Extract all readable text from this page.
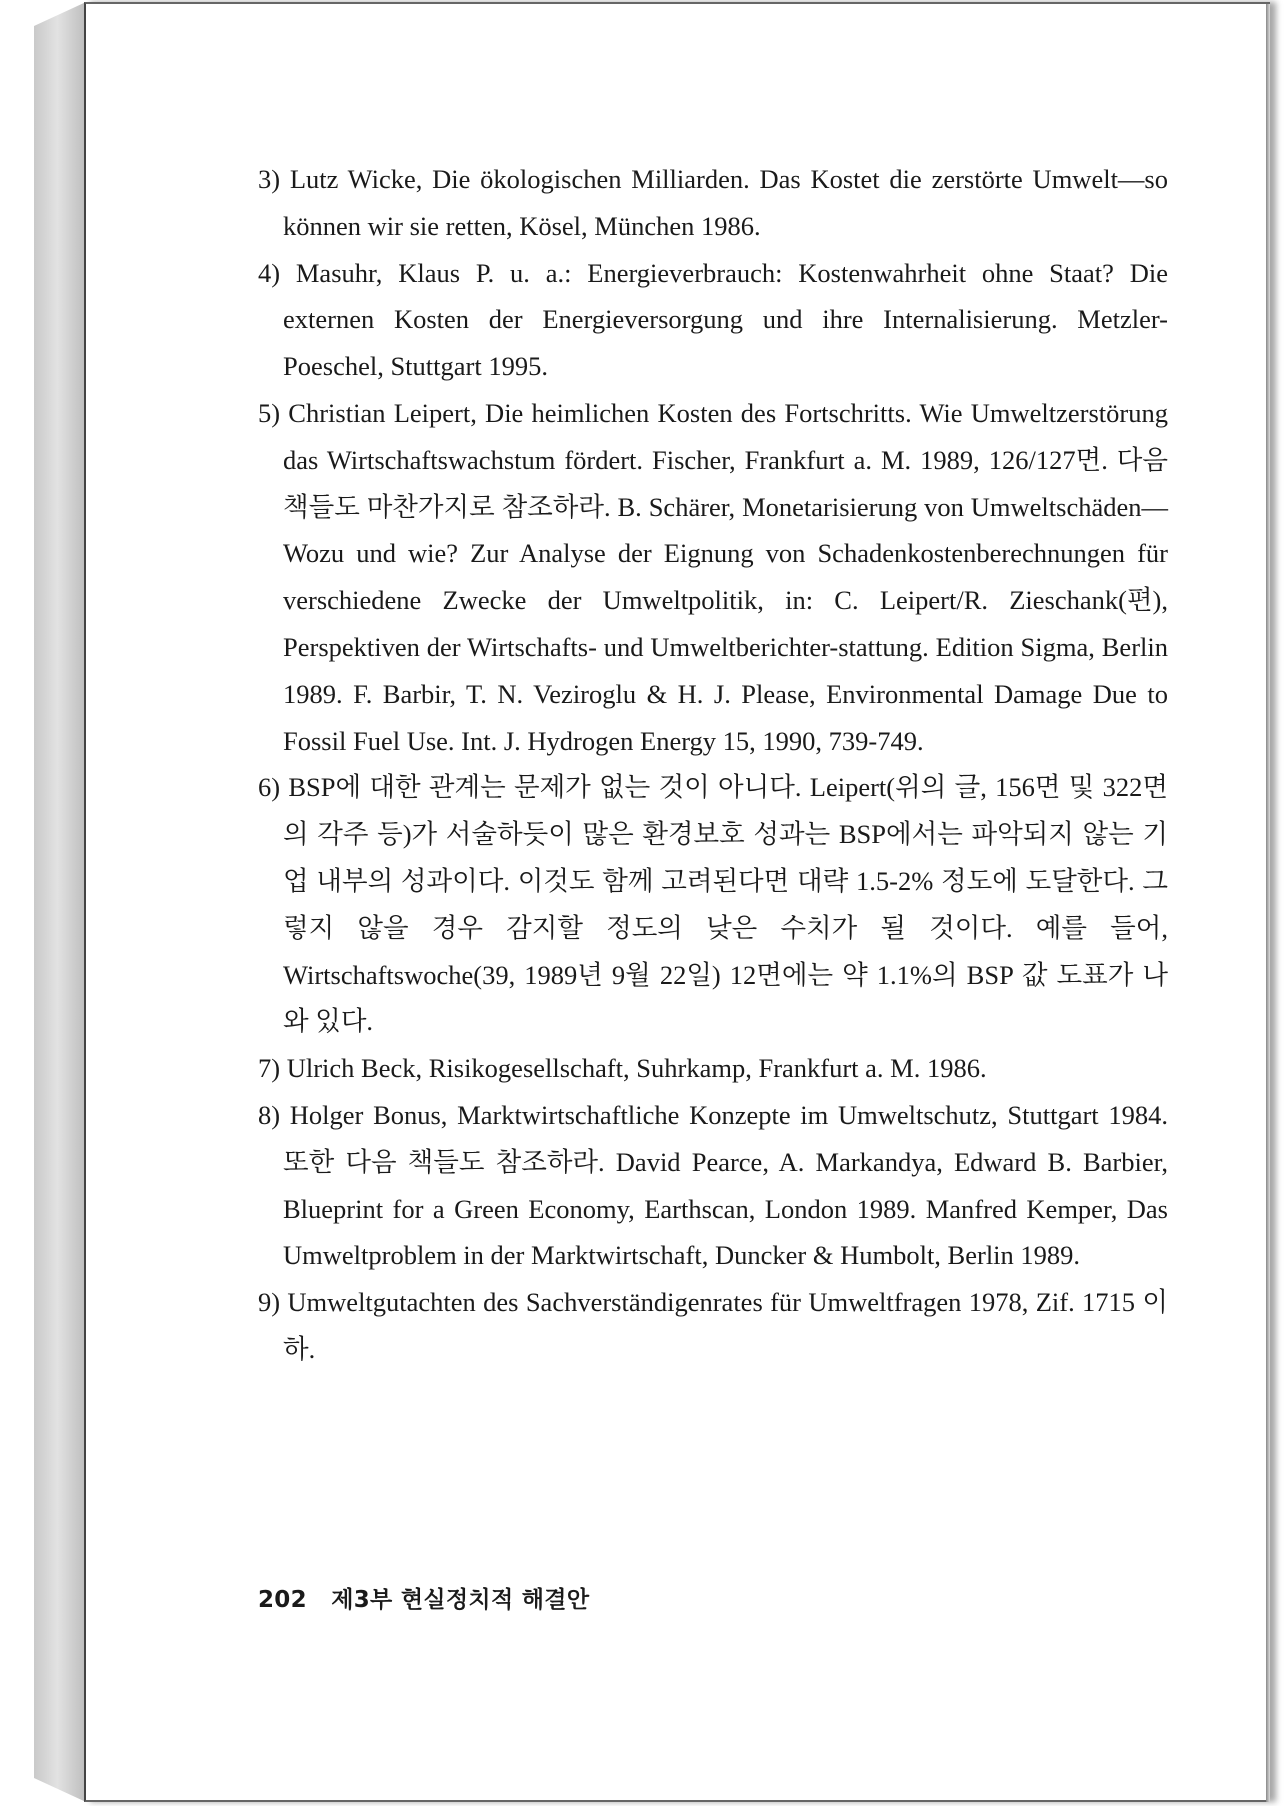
3) Lutz Wicke, Die ökologischen Milliarden. Das Kostet die zerstörte Umwelt—so können wir sie retten, Kösel, München 1986.

4) Masuhr, Klaus P. u. a.: Energieverbrauch: Kostenwahrheit ohne Staat? Die externen Kosten der Energieversorgung und ihre Internalisierung. Metzler-Poeschel, Stuttgart 1995.

5) Christian Leipert, Die heimlichen Kosten des Fortschritts. Wie Umweltzerstörung das Wirtschaftswachstum fördert. Fischer, Frankfurt a. M. 1989, 126/127면. 다음 책들도 마찬가지로 참조하라. B. Schärer, Monetarisierung von Umweltschäden—Wozu und wie? Zur Analyse der Eignung von Schadenkostenberechnungen für verschiedene Zwecke der Umweltpolitik, in: C. Leipert/R. Zieschank(편), Perspektiven der Wirtschafts- und Umweltberichter-stattung. Edition Sigma, Berlin 1989. F. Barbir, T. N. Veziroglu & H. J. Please, Environmental Damage Due to Fossil Fuel Use. Int. J. Hydrogen Energy 15, 1990, 739-749.

6) BSP에 대한 관계는 문제가 없는 것이 아니다. Leipert(위의 글, 156면 및 322면의 각주 등)가 서술하듯이 많은 환경보호 성과는 BSP에서는 파악되지 않는 기업 내부의 성과이다. 이것도 함께 고려된다면 대략 1.5-2% 정도에 도달한다. 그렇지 않을 경우 감지할 정도의 낮은 수치가 될 것이다. 예를 들어, Wirtschaftswoche(39, 1989년 9월 22일) 12면에는 약 1.1%의 BSP 값 도표가 나와 있다.

7) Ulrich Beck, Risikogesellschaft, Suhrkamp, Frankfurt a. M. 1986.

8) Holger Bonus, Marktwirtschaftliche Konzepte im Umweltschutz, Stuttgart 1984. 또한 다음 책들도 참조하라. David Pearce, A. Markandya, Edward B. Barbier, Blueprint for a Green Economy, Earthscan, London 1989. Manfred Kemper, Das Umweltproblem in der Marktwirtschaft, Duncker & Humbolt, Berlin 1989.

9) Umweltgutachten des Sachverständigenrates für Umweltfragen 1978, Zif. 1715 이하.

202 제3부 현실정치적 해결안
